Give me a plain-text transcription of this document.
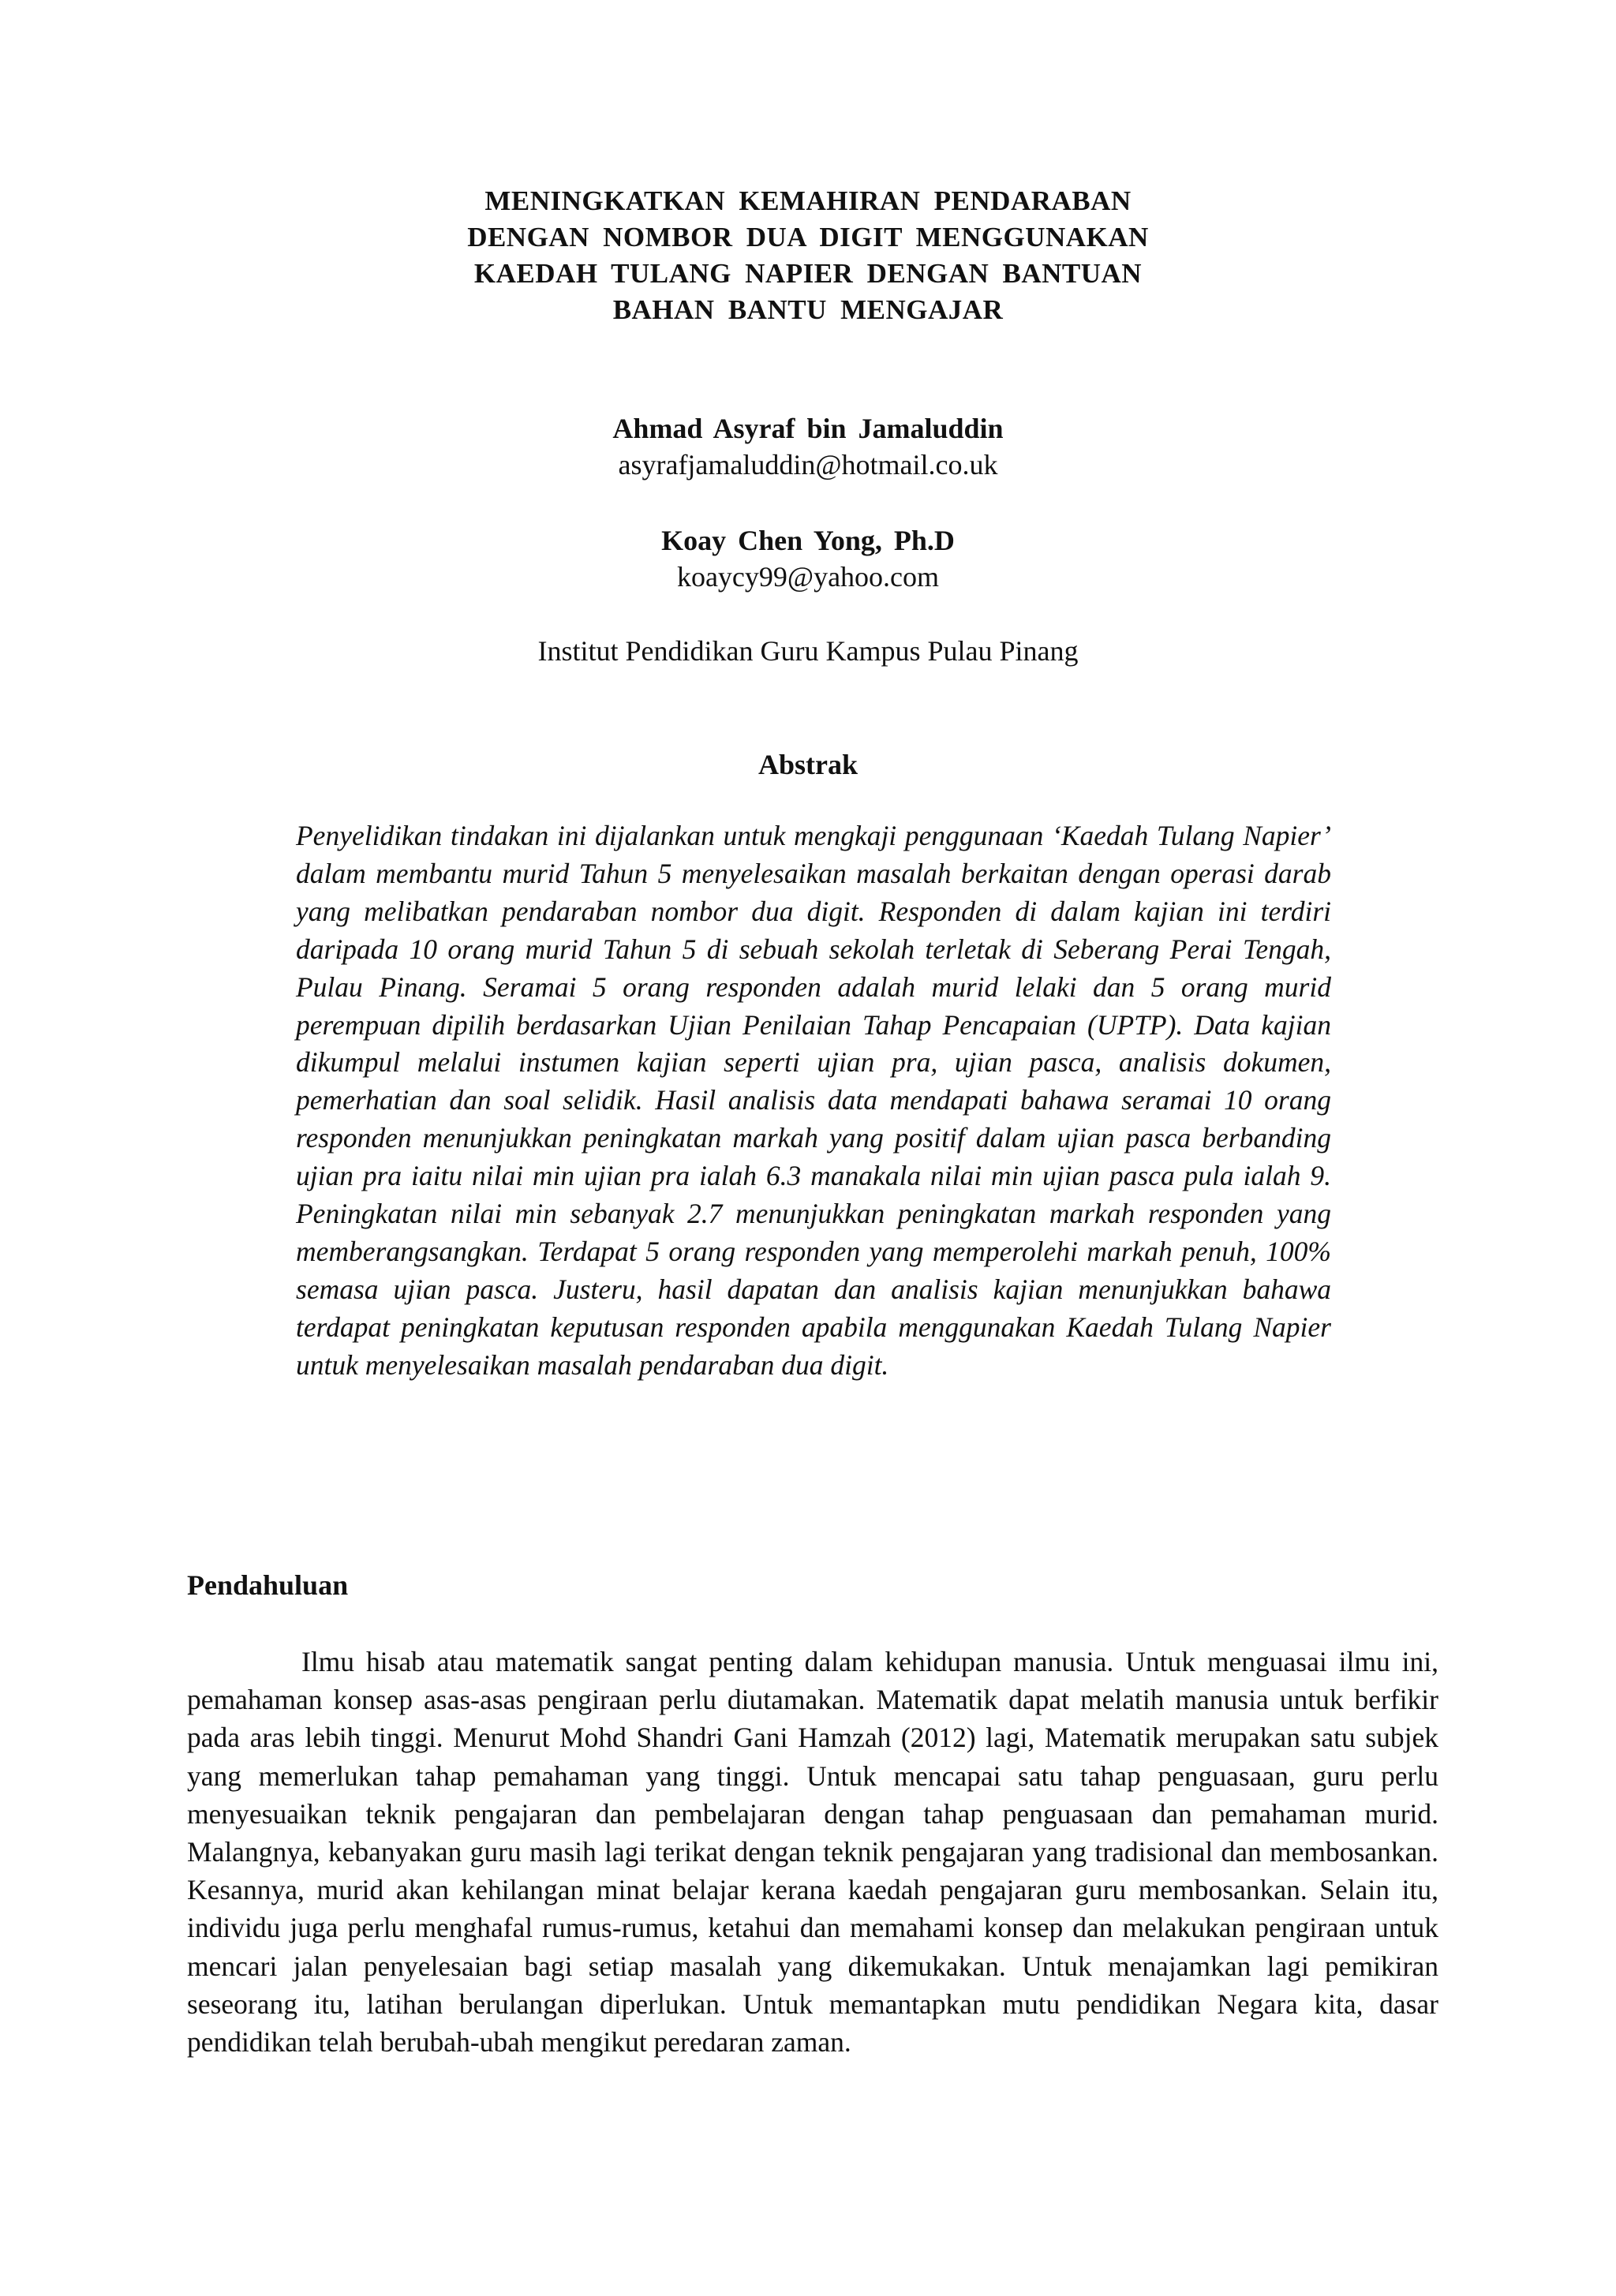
MENINGKATKAN KEMAHIRAN PENDARABAN
DENGAN NOMBOR DUA DIGIT MENGGUNAKAN
KAEDAH TULANG NAPIER DENGAN BANTUAN
BAHAN BANTU MENGAJAR
Ahmad Asyraf bin Jamaluddin
asyrafjamaluddin@hotmail.co.uk
Koay Chen Yong, Ph.D
koaycy99@yahoo.com
Institut Pendidikan Guru Kampus Pulau Pinang
Abstrak

Penyelidikan tindakan ini dijalankan untuk mengkaji penggunaan ‘Kaedah Tulang Napier’ dalam membantu murid Tahun 5 menyelesaikan masalah berkaitan dengan operasi darab yang melibatkan pendaraban nombor dua digit. Responden di dalam kajian ini terdiri daripada 10 orang murid Tahun 5 di sebuah sekolah terletak di Seberang Perai Tengah, Pulau Pinang. Seramai 5 orang responden adalah murid lelaki dan 5 orang murid perempuan dipilih berdasarkan Ujian Penilaian Tahap Pencapaian (UPTP). Data kajian dikumpul melalui instumen kajian seperti ujian pra, ujian pasca, analisis dokumen, pemerhatian dan soal selidik. Hasil analisis data mendapati bahawa seramai 10 orang responden menunjukkan peningkatan markah yang positif dalam ujian pasca berbanding ujian pra iaitu nilai min ujian pra ialah 6.3 manakala nilai min ujian pasca pula ialah 9. Peningkatan nilai min sebanyak 2.7 menunjukkan peningkatan markah responden yang memberangsangkan. Terdapat 5 orang responden yang memperolehi markah penuh, 100% semasa ujian pasca. Justeru, hasil dapatan dan analisis kajian menunjukkan bahawa terdapat peningkatan keputusan responden apabila menggunakan Kaedah Tulang Napier untuk menyelesaikan masalah pendaraban dua digit.

Pendahuluan

Ilmu hisab atau matematik sangat penting dalam kehidupan manusia. Untuk menguasai ilmu ini, pemahaman konsep asas-asas pengiraan perlu diutamakan. Matematik dapat melatih manusia untuk berfikir pada aras lebih tinggi. Menurut Mohd Shandri Gani Hamzah (2012) lagi, Matematik merupakan satu subjek yang memerlukan tahap pemahaman yang tinggi. Untuk mencapai satu tahap penguasaan, guru perlu menyesuaikan teknik pengajaran dan pembelajaran dengan tahap penguasaan dan pemahaman murid. Malangnya, kebanyakan guru masih lagi terikat dengan teknik pengajaran yang tradisional dan membosankan. Kesannya, murid akan kehilangan minat belajar kerana kaedah pengajaran guru membosankan. Selain itu, individu juga perlu menghafal rumus-rumus, ketahui dan memahami konsep dan melakukan pengiraan untuk mencari jalan penyelesaian bagi setiap masalah yang dikemukakan. Untuk menajamkan lagi pemikiran seseorang itu, latihan berulangan diperlukan. Untuk memantapkan mutu pendidikan Negara kita, dasar pendidikan telah berubah-ubah mengikut peredaran zaman.
